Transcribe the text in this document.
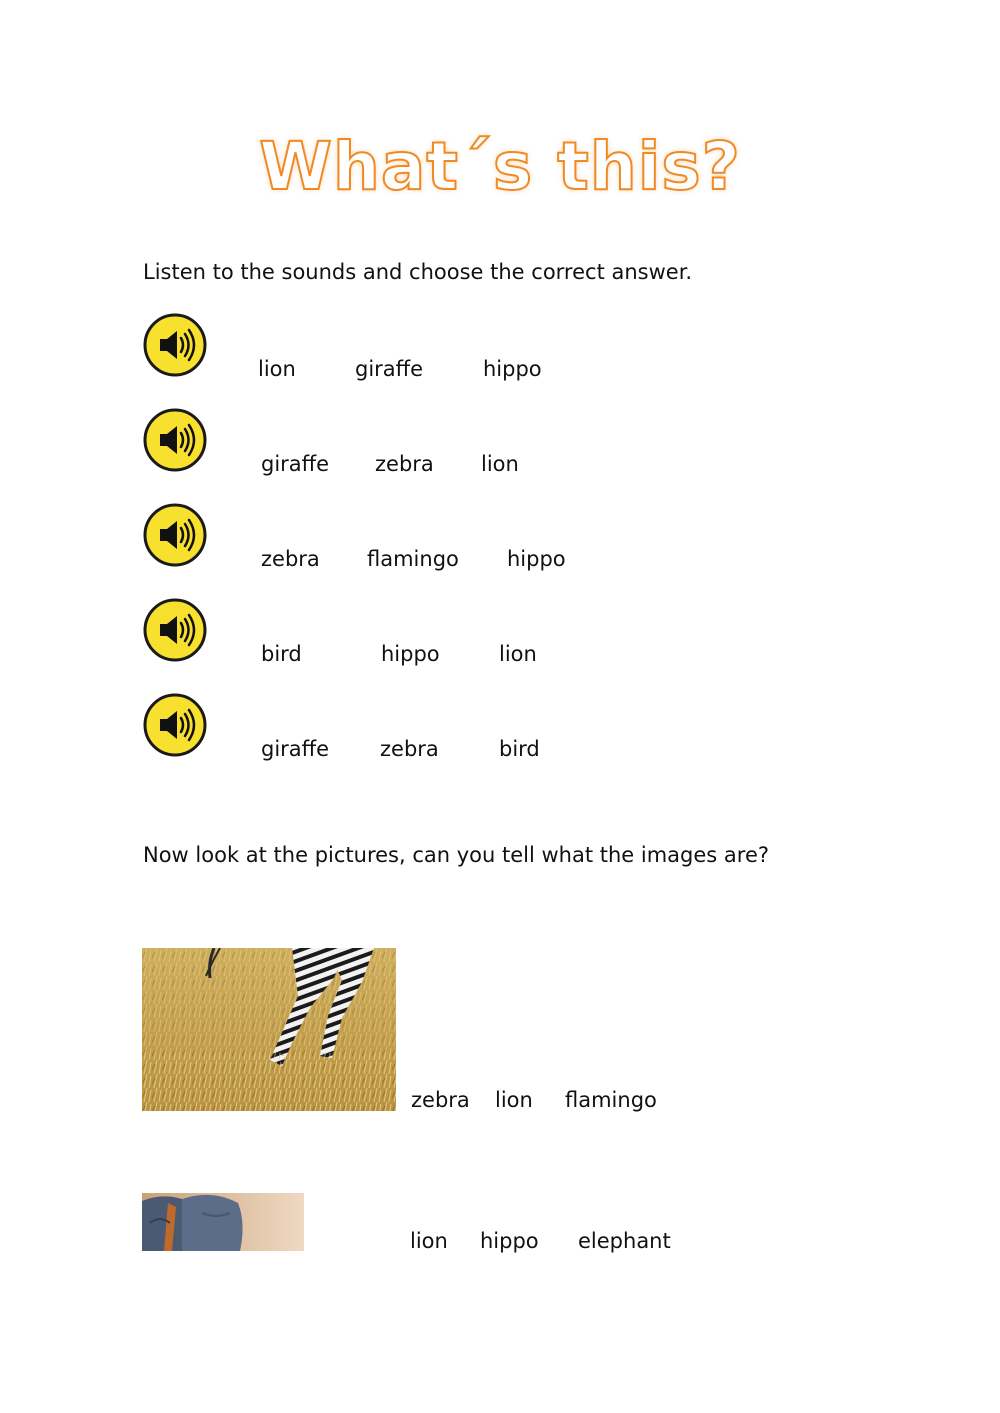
What´s this?
Listen to the sounds and choose the correct answer.
lion	giraffe	hippo
giraffe zebra lion
zebra flamingo hippo
bird	hippo	lion
giraffe zebra	bird
Now look at the pictures, can you tell what the images are?
zebra lion flamingo
lion hippo elephant
